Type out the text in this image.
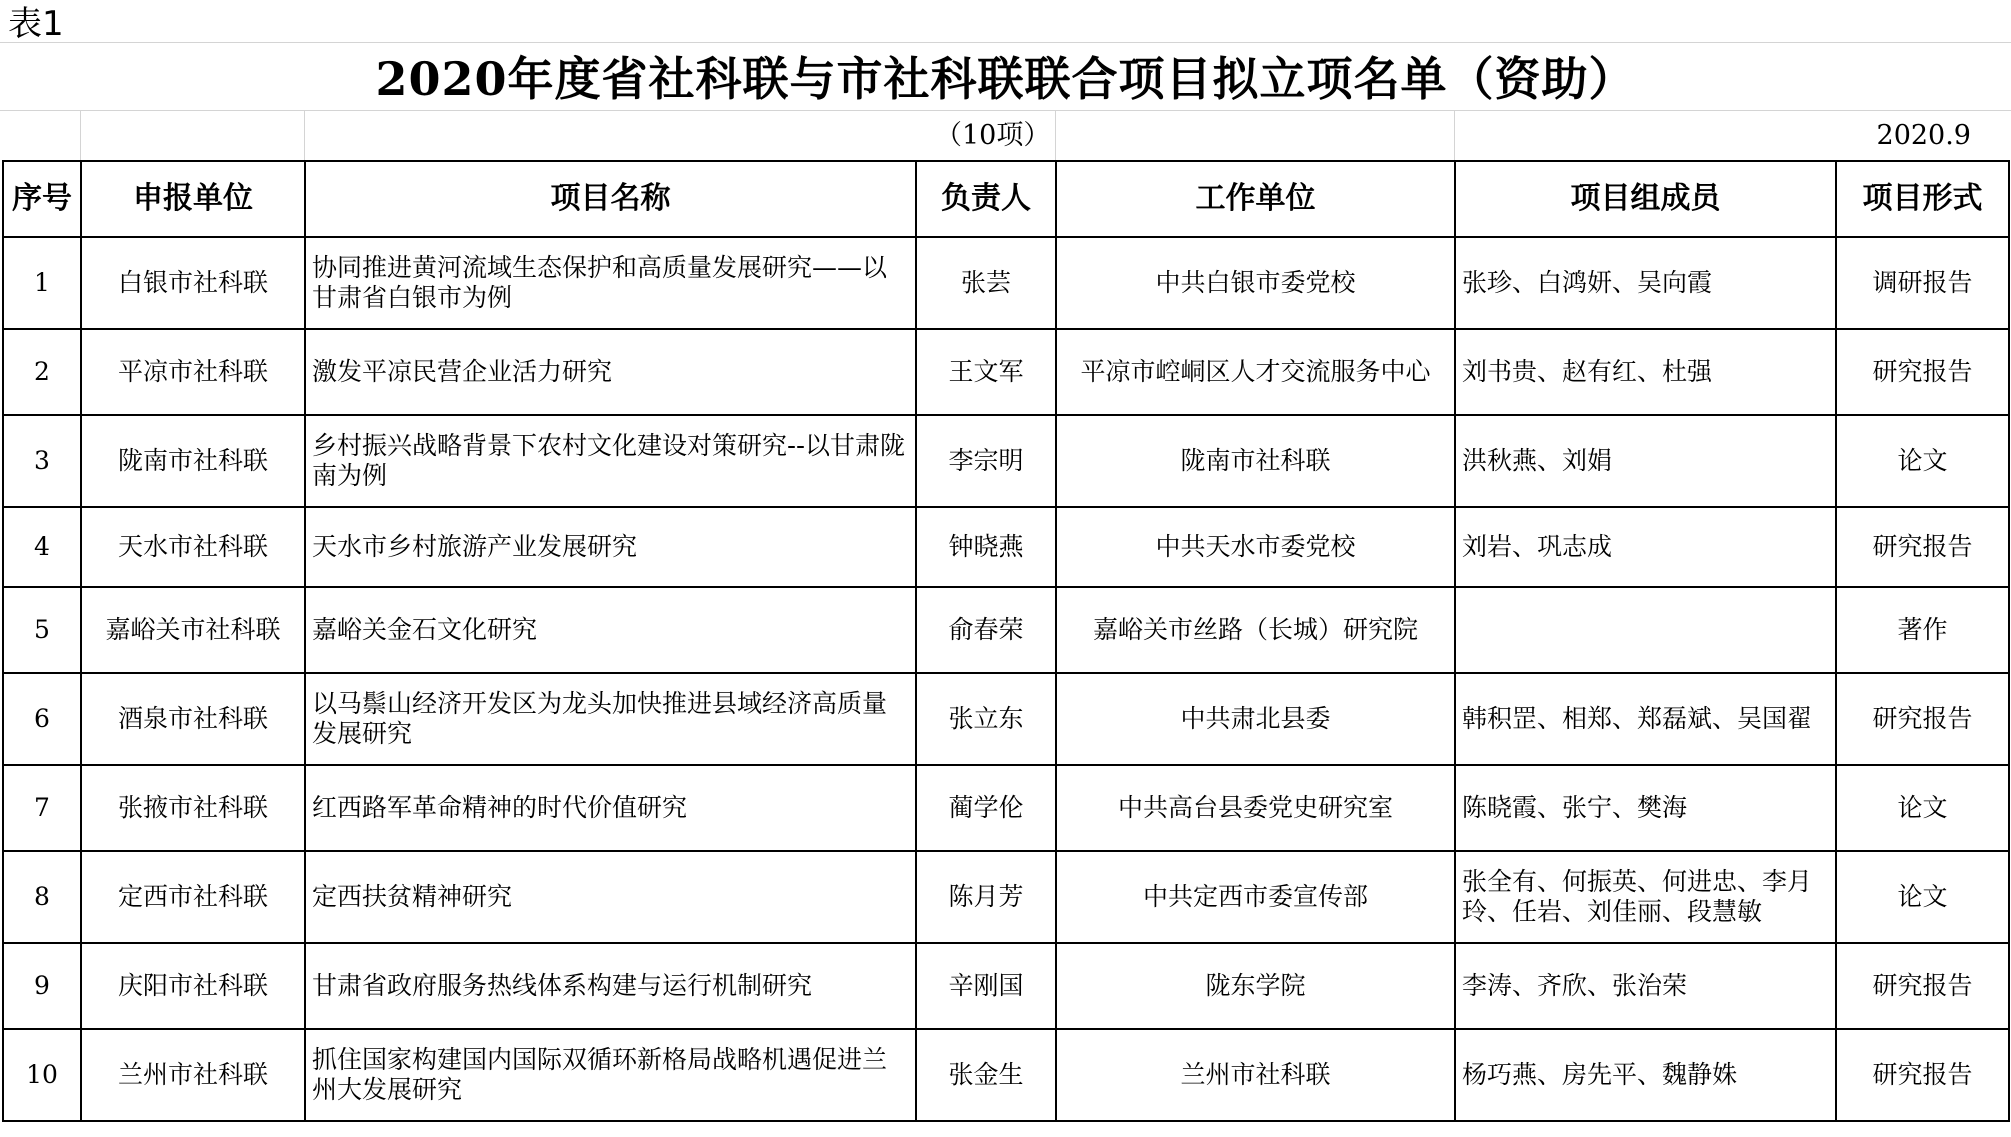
表1
2020年度省社科联与市社科联联合项目拟立项名单（资助）
（10项）	2020.9
序号	申报单位	项目名称	负责人	工作单位	项目组成员	项目形式
1	白银市社科联	协同推进黄河流域生态保护和高质量发展研究——以甘肃省白银市为例	张芸	中共白银市委党校	张珍、白鸿妍、吴向霞	调研报告
2	平凉市社科联	激发平凉民营企业活力研究	王文军	平凉市崆峒区人才交流服务中心	刘书贵、赵有红、杜强	研究报告
3	陇南市社科联	乡村振兴战略背景下农村文化建设对策研究--以甘肃陇南为例	李宗明	陇南市社科联	洪秋燕、刘娟	论文
4	天水市社科联	天水市乡村旅游产业发展研究	钟晓燕	中共天水市委党校	刘岩、巩志成	研究报告
5	嘉峪关市社科联	嘉峪关金石文化研究	俞春荣	嘉峪关市丝路（长城）研究院		著作
6	酒泉市社科联	以马鬃山经济开发区为龙头加快推进县域经济高质量发展研究	张立东	中共肃北县委	韩积罡、相郑、郑磊斌、吴国翟	研究报告
7	张掖市社科联	红西路军革命精神的时代价值研究	蔺学伦	中共高台县委党史研究室	陈晓霞、张宁、樊海	论文
8	定西市社科联	定西扶贫精神研究	陈月芳	中共定西市委宣传部	张全有、何振英、何进忠、李月玲、任岩、刘佳丽、段慧敏	论文
9	庆阳市社科联	甘肃省政府服务热线体系构建与运行机制研究	辛刚国	陇东学院	李涛、齐欣、张治荣	研究报告
10	兰州市社科联	抓住国家构建国内国际双循环新格局战略机遇促进兰州大发展研究	张金生	兰州市社科联	杨巧燕、房先平、魏静姝	研究报告
